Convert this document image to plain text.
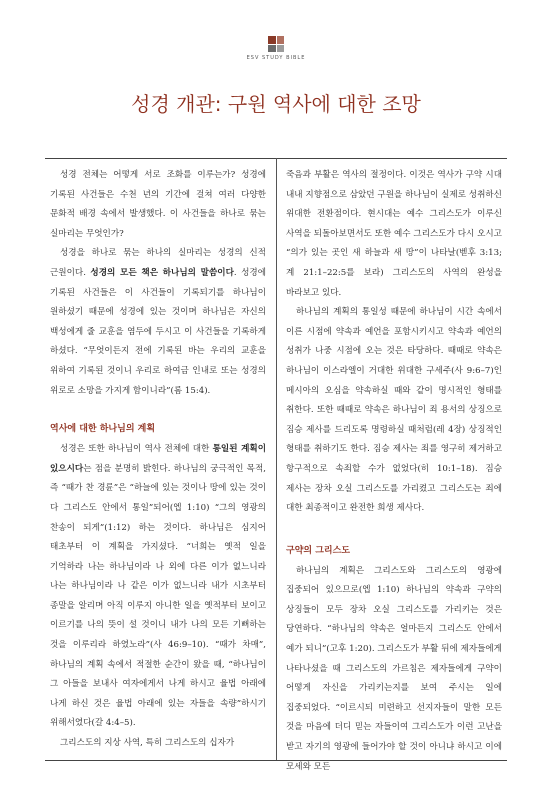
ESV STUDY BIBLE
성경 개관: 구원 역사에 대한 조망

성경 전체는 어떻게 서로 조화를 이루는가? 성경에 기록된 사건들은 수천 년의 기간에 걸쳐 여러 다양한 문화적 배경 속에서 발생했다. 이 사건들을 하나로 묶는 실마리는 무엇인가?

성경을 하나로 묶는 하나의 실마리는 성경의 신적 근원이다. 성경의 모든 책은 하나님의 말씀이다. 성경에 기록된 사건들은 이 사건들이 기록되기를 하나님이 원하셨기 때문에 성경에 있는 것이며 하나님은 자신의 백성에게 줄 교훈을 염두에 두시고 이 사건들을 기록하게 하셨다. “무엇이든지 전에 기록된 바는 우리의 교훈을 위하여 기록된 것이니 우리로 하여금 인내로 또는 성경의 위로로 소망을 가지게 함이니라”(롬 15:4).

역사에 대한 하나님의 계획

성경은 또한 하나님이 역사 전체에 대한 통일된 계획이 있으시다는 점을 분명히 밝힌다. 하나님의 궁극적인 목적, 즉 “때가 찬 경륜”은 “하늘에 있는 것이나 땅에 있는 것이 다 그리스도 안에서 통일”되어(엡 1:10) “그의 영광의 찬송이 되게”(1:12) 하는 것이다. 하나님은 심지어 태초부터 이 계획을 가지셨다. “너희는 옛적 일을 기억하라 나는 하나님이라 나 외에 다른 이가 없느니라 나는 하나님이라 나 같은 이가 없느니라 내가 시초부터 종말을 알리며 아직 이루지 아니한 일을 옛적부터 보이고 이르기를 나의 뜻이 설 것이니 내가 나의 모든 기뻐하는 것을 이루리라 하였노라”(사 46:9–10). “때가 차매”, 하나님의 계획 속에서 적절한 순간이 왔을 때, “하나님이 그 아들을 보내사 여자에게서 나게 하시고 율법 아래에 나게 하신 것은 율법 아래에 있는 자들을 속량”하시기 위해서였다(갈 4:4–5).

그리스도의 지상 사역, 특히 그리스도의 십자가

죽음과 부활은 역사의 절정이다. 이것은 역사가 구약 시대 내내 지향점으로 삼았던 구원을 하나님이 실제로 성취하신 위대한 전환점이다. 현시대는 예수 그리스도가 이루신 사역을 되돌아보면서도 또한 예수 그리스도가 다시 오시고 “의가 있는 곳인 새 하늘과 새 땅”이 나타날(벧후 3:13; 계 21:1–22:5를 보라) 그리스도의 사역의 완성을 바라보고 있다.

하나님의 계획의 통일성 때문에 하나님이 시간 속에서 이른 시점에 약속과 예언을 포함시키시고 약속과 예언의 성취가 나중 시점에 오는 것은 타당하다. 때때로 약속은 하나님이 이스라엘이 거대한 위대한 구세주(사 9:6–7)인 메시아의 오심을 약속하실 때와 같이 명시적인 형태를 취한다. 또한 때때로 약속은 하나님이 죄 용서의 상징으로 짐승 제사를 드리도록 명령하실 때처럼(레 4장) 상징적인 형태를 취하기도 한다. 짐승 제사는 죄를 영구히 제거하고 항구적으로 속죄할 수가 없었다(히 10:1–18). 짐승 제사는 장차 오실 그리스도를 가리켰고 그리스도는 죄에 대한 최종적이고 완전한 희생 제사다.

구약의 그리스도

하나님의 계획은 그리스도와 그리스도의 영광에 집중되어 있으므로(엡 1:10) 하나님의 약속과 구약의 상징들이 모두 장차 오실 그리스도를 가리키는 것은 당연하다. “하나님의 약속은 얼마든지 그리스도 안에서 예가 되니”(고후 1:20). 그리스도가 부활 뒤에 제자들에게 나타나셨을 때 그리스도의 가르침은 제자들에게 구약이 어떻게 자신을 가리키는지를 보여 주시는 일에 집중되었다. “이르시되 미련하고 선지자들이 말한 모든 것을 마음에 더디 믿는 자들이여 그리스도가 이런 고난을 받고 자기의 영광에 들어가야 할 것이 아니냐 하시고 이에 모세와 모든
